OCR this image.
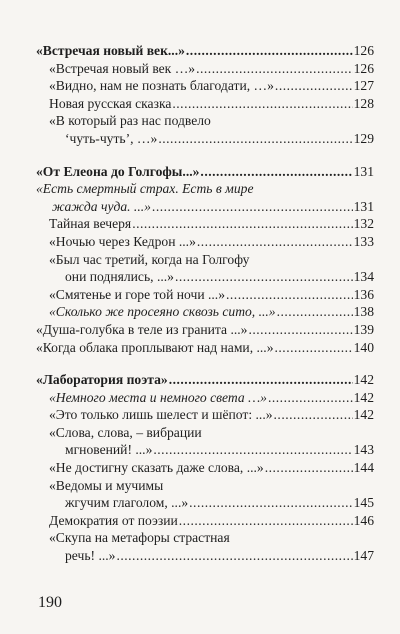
«Встречая новый век...» .....	126
«Встречая новый век …» .....	126
«Видно, нам не познать благодати, …» .....	127
Новая русская сказка .....	128
«В который раз нас подвело
‘чуть-чуть’, …» .....	129
«От Елеона до Голгофы...» .....	131
«Есть смертный страх. Есть в мире
жажда чуда. ...» .....	131
Тайная вечеря .....	132
«Ночью через Кедрон ...» .....	133
«Был час третий, когда на Голгофу
они поднялись, ...» .....	134
«Смятенье и горе той ночи ...» .....	136
«Сколько же просеяно сквозь сито, ...» .....	138
«Душа-голубка в теле из гранита ...» .....	139
«Когда облака проплывают над нами, ...» .....	140
«Лаборатория поэта» .....	142
«Немного места и немного света …» .....	142
«Это только лишь шелест и шёпот: ...» .....	142
«Слова, слова, – вибрации
мгновений! ...» .....	143
«Не достигну сказать даже слова, ...» .....	144
«Ведомы и мучимы
жгучим глаголом, ...» .....	145
Демократия от поэзии .....	146
«Скупа на метафоры страстная
речь! ...» .....	147
190
